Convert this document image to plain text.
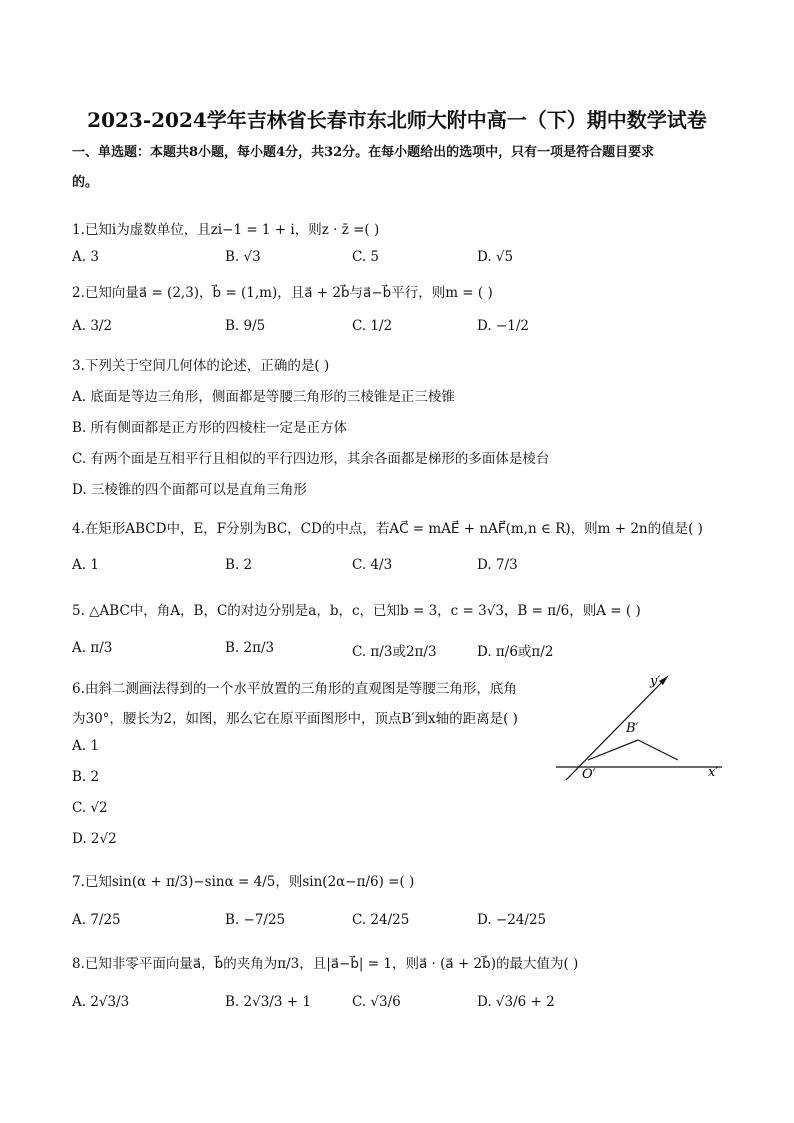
2023-2024学年吉林省长春市东北师大附中高一（下）期中数学试卷
一、单选题：本题共8小题，每小题4分，共32分。在每小题给出的选项中，只有一项是符合题目要求
的。
1.已知i为虚数单位，且zi−1 = 1 + i，则z · z̄ =( )
A. 3	B. √3	C. 5	D. √5
2.已知向量a⃗ = (2,3)，b⃗ = (1,m)，且a⃗ + 2b⃗与a⃗−b⃗平行，则m = ( )
A. 3/2	B. 9/5	C. 1/2	D. −1/2
3.下列关于空间几何体的论述，正确的是( )
A. 底面是等边三角形，侧面都是等腰三角形的三棱锥是正三棱锥
B. 所有侧面都是正方形的四棱柱一定是正方体
C. 有两个面是互相平行且相似的平行四边形，其余各面都是梯形的多面体是棱台
D. 三棱锥的四个面都可以是直角三角形
4.在矩形ABCD中，E，F分别为BC，CD的中点，若AC⃗ = mAE⃗ + nAF⃗(m,n ∈ R)，则m + 2n的值是( )
A. 1	B. 2	C. 4/3	D. 7/3
5. △ABC中，角A，B，C的对边分别是a，b，c，已知b = 3，c = 3√3，B = π/6，则A = ( )
A. π/3	B. 2π/3	C. π/3或2π/3	D. π/6或π/2
6.由斜二测画法得到的一个水平放置的三角形的直观图是等腰三角形，底角
为30°，腰长为2，如图，那么它在原平面图形中，顶点B′到x轴的距离是( )
A. 1
B. 2
C. √2
D. 2√2
y′
B′
O′	x′
7.已知sin(α + π/3)−sinα = 4/5，则sin(2α−π/6) =( )
A. 7/25	B. −7/25	C. 24/25	D. −24/25
8.已知非零平面向量a⃗，b⃗的夹角为π/3，且|a⃗−b⃗| = 1，则a⃗ · (a⃗ + 2b⃗)的最大值为( )
A. 2√3/3	B. 2√3/3 + 1	C. √3/6	D. √3/6 + 2
